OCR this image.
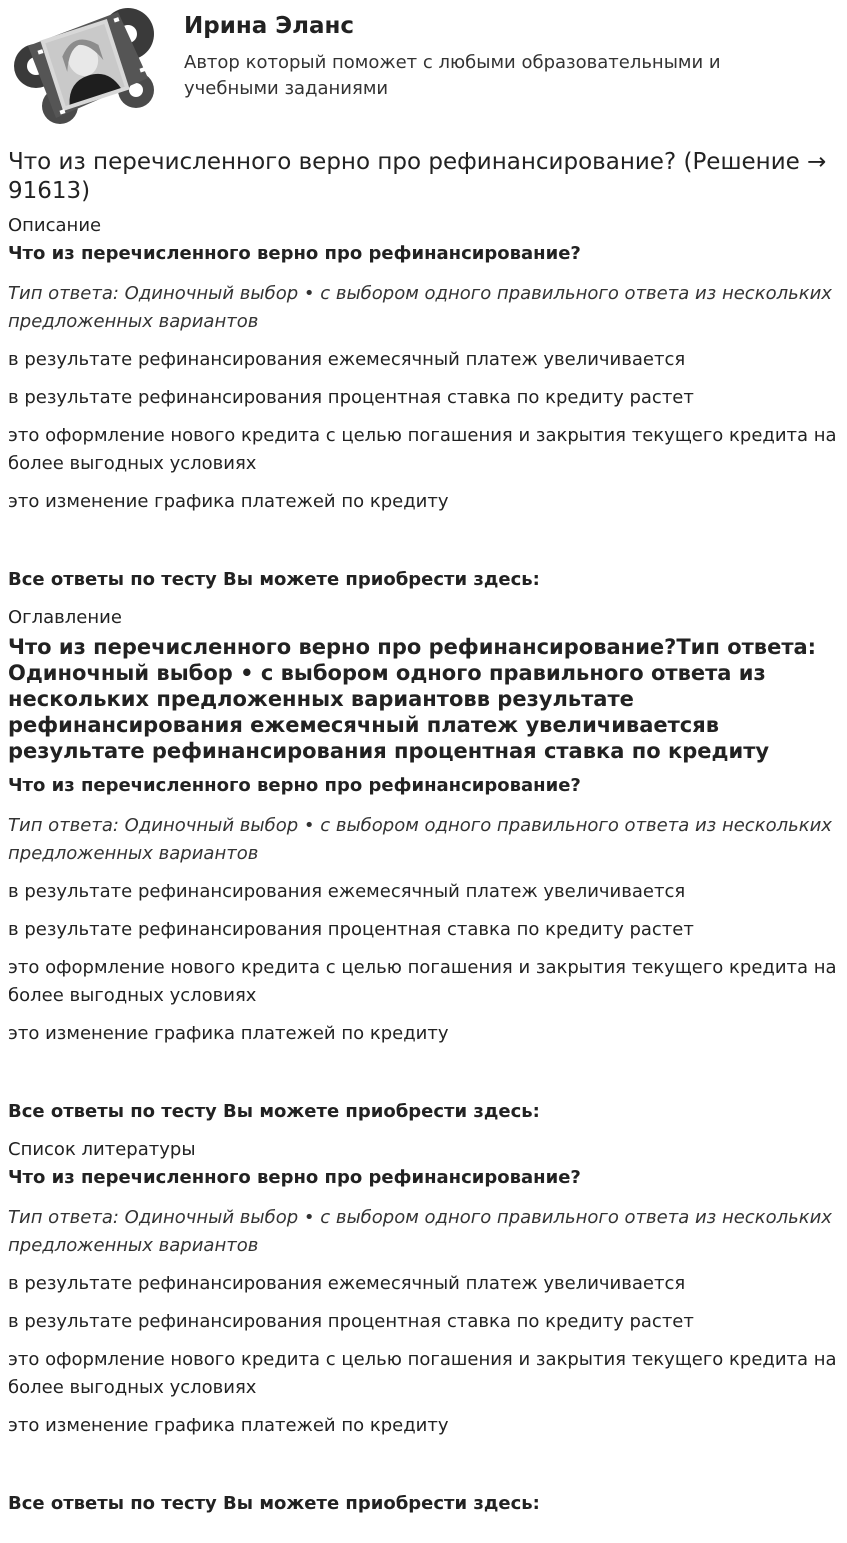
Ирина Эланс
Автор который поможет с любыми образовательными и учебными заданиями
Что из перечисленного верно про рефинансирование? (Решение → 91613)
Описание
Что из перечисленного верно про рефинансирование?
Тип ответа: Одиночный выбор • с выбором одного правильного ответа из нескольких предложенных вариантов
в результате рефинансирования ежемесячный платеж увеличивается
в результате рефинансирования процентная ставка по кредиту растет
это оформление нового кредита с целью погашения и закрытия текущего кредита на более выгодных условиях
это изменение графика платежей по кредиту
Все ответы по тесту Вы можете приобрести здесь:
Оглавление
Что из перечисленного верно про рефинансирование?Тип ответа: Одиночный выбор • с выбором одного правильного ответа из нескольких предложенных вариантовв результате рефинансирования ежемесячный платеж увеличиваетсяв результате рефинансирования процентная ставка по кредиту
Что из перечисленного верно про рефинансирование?
Тип ответа: Одиночный выбор • с выбором одного правильного ответа из нескольких предложенных вариантов
в результате рефинансирования ежемесячный платеж увеличивается
в результате рефинансирования процентная ставка по кредиту растет
это оформление нового кредита с целью погашения и закрытия текущего кредита на более выгодных условиях
это изменение графика платежей по кредиту
Все ответы по тесту Вы можете приобрести здесь:
Список литературы
Что из перечисленного верно про рефинансирование?
Тип ответа: Одиночный выбор • с выбором одного правильного ответа из нескольких предложенных вариантов
в результате рефинансирования ежемесячный платеж увеличивается
в результате рефинансирования процентная ставка по кредиту растет
это оформление нового кредита с целью погашения и закрытия текущего кредита на более выгодных условиях
это изменение графика платежей по кредиту
Все ответы по тесту Вы можете приобрести здесь:
